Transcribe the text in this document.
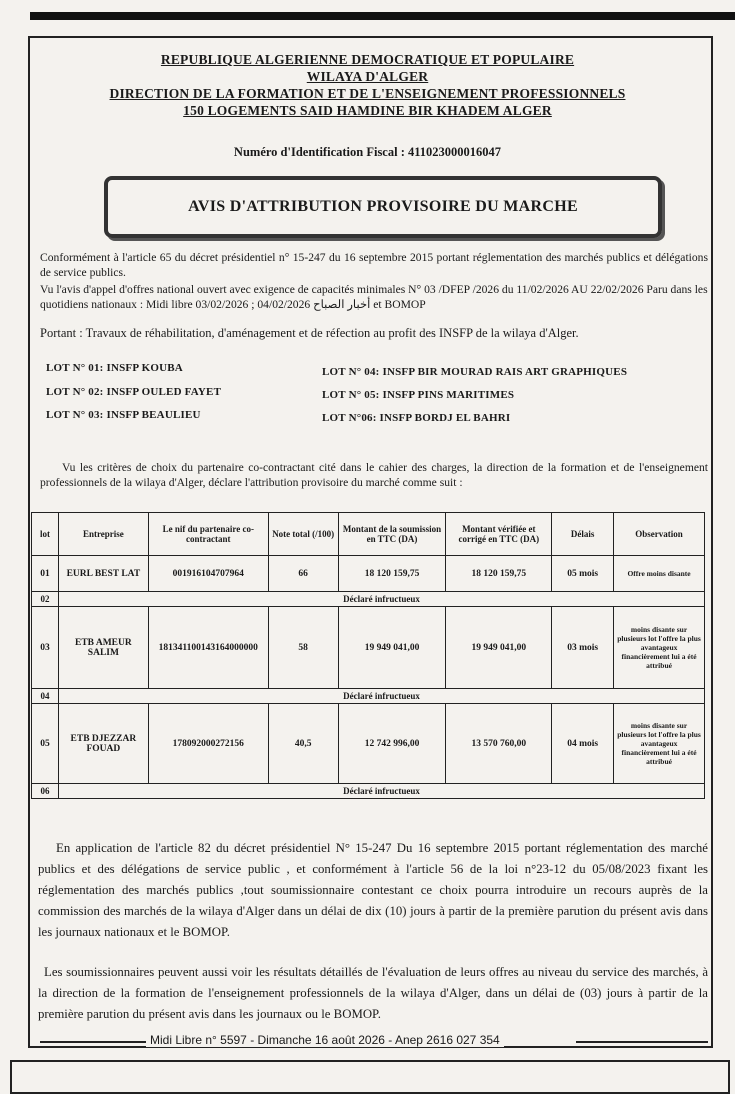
REPUBLIQUE ALGERIENNE DEMOCRATIQUE ET POPULAIRE
WILAYA D'ALGER
DIRECTION DE LA FORMATION ET DE L'ENSEIGNEMENT PROFESSIONNELS
150 LOGEMENTS SAID HAMDINE BIR KHADEM ALGER
Numéro d'Identification Fiscal : 411023000016047
AVIS D'ATTRIBUTION PROVISOIRE DU MARCHE
Conformément à l'article 65 du décret présidentiel n° 15-247 du 16 septembre 2015 portant réglementation des marchés publics et délégations de service publics.
Vu l'avis d'appel d'offres national ouvert avec exigence de capacités minimales N° 03 /DFEP /2026 du 11/02/2026 AU 22/02/2026 Paru dans les quotidiens nationaux : Midi libre 03/02/2026 ; أخبار الصباح 04/02/2026 et BOMOP
Portant : Travaux de réhabilitation, d'aménagement et de réfection au profit des INSFP de la wilaya d'Alger.
LOT N° 01: INSFP KOUBA
LOT N° 02: INSFP OULED FAYET
LOT N° 03: INSFP BEAULIEU
LOT N° 04: INSFP BIR MOURAD RAIS ART GRAPHIQUES
LOT N° 05: INSFP PINS MARITIMES
LOT N°06: INSFP BORDJ EL BAHRI
Vu les critères de choix du partenaire co-contractant cité dans le cahier des charges, la direction de la formation et de l'enseignement professionnels de la wilaya d'Alger, déclare l'attribution provisoire du marché comme suit :
lot	Entreprise	Le nif du partenaire co-contractant	Note total (/100)	Montant de la soumission en TTC (DA)	Montant vérifiée et corrigé en TTC (DA)	Délais	Observation
01	EURL BEST LAT	001916104707964	66	18 120 159,75	18 120 159,75	05 mois	Offre moins disante
02	Déclaré infructueux						
03	ETB AMEUR SALIM	181341100143164000000	58	19 949 041,00	19 949 041,00	03 mois	moins disante sur plusieurs lot l'offre la plus avantageux financièrement lui a été attribué
04	Déclaré infructueux						
05	ETB DJEZZAR FOUAD	178092000272156	40,5	12 742 996,00	13 570 760,00	04 mois	moins disante sur plusieurs lot l'offre la plus avantageux financièrement lui a été attribué
06	Déclaré infructueux						
En application de l'article 82 du décret présidentiel N° 15-247 Du 16 septembre 2015 portant réglementation des marché publics et des délégations de service public , et conformément à l'article 56 de la loi n°23-12 du 05/08/2023 fixant les réglementation des marchés publics ,tout soumissionnaire contestant ce choix pourra introduire un recours auprès de la commission des marchés de la wilaya d'Alger dans un délai de dix (10) jours à partir de la première parution du présent avis dans les journaux nationaux et le BOMOP.
Les soumissionnaires peuvent aussi voir les résultats détaillés de l'évaluation de leurs offres au niveau du service des marchés, à la direction de la formation de l'enseignement professionnels de la wilaya d'Alger, dans un délai de (03) jours à partir de la première parution du présent avis dans les journaux ou le BOMOP.
Midi Libre n° 5597 - Dimanche 16 août 2026 - Anep 2616 027 354
